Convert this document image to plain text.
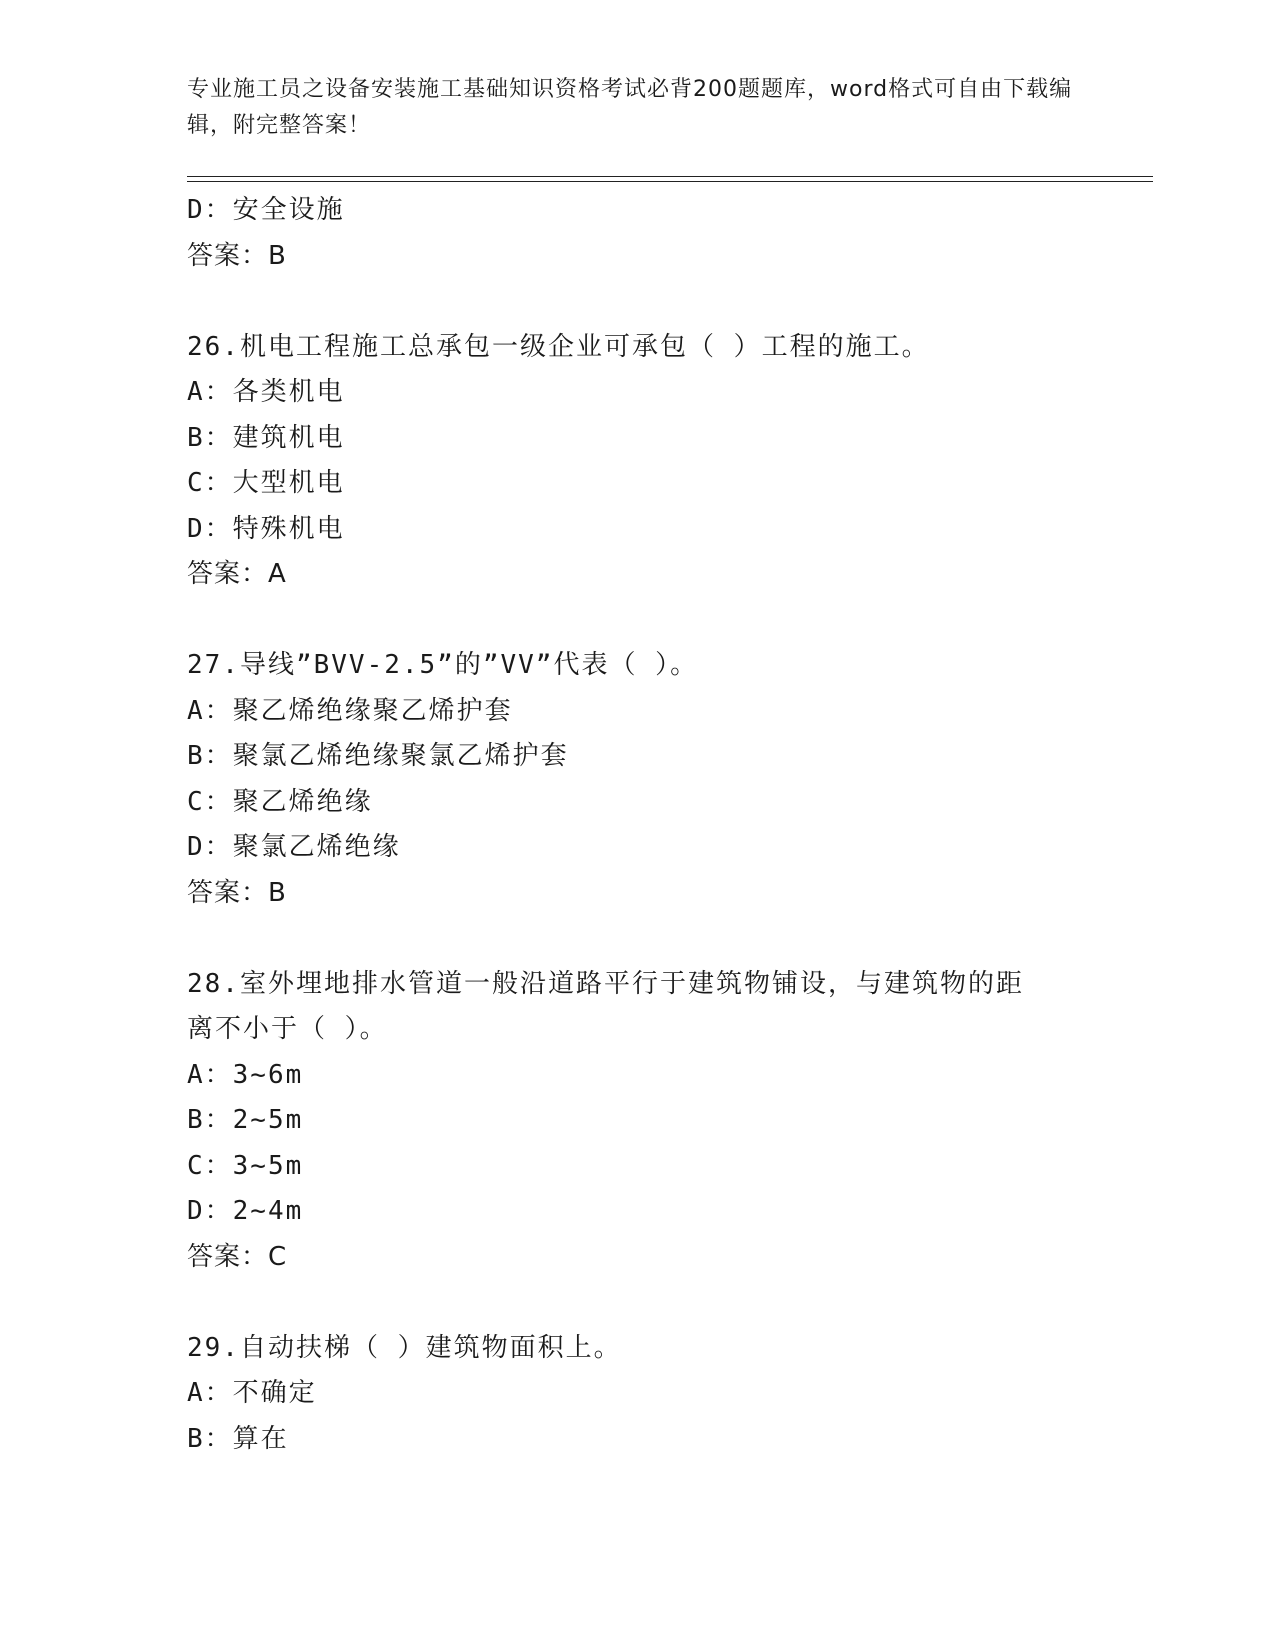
专业施工员之设备安装施工基础知识资格考试必背200题题库，word格式可自由下载编辑，附完整答案！
D：安全设施
答案：B
26.机电工程施工总承包一级企业可承包（ ）工程的施工。
A：各类机电
B：建筑机电
C：大型机电
D：特殊机电
答案：A
27.导线”BVV-2.5”的”VV”代表（ ）。
A：聚乙烯绝缘聚乙烯护套
B：聚氯乙烯绝缘聚氯乙烯护套
C：聚乙烯绝缘
D：聚氯乙烯绝缘
答案：B
28.室外埋地排水管道一般沿道路平行于建筑物铺设，与建筑物的距离不小于（ ）。
A：3~6m
B：2~5m
C：3~5m
D：2~4m
答案：C
29.自动扶梯（ ）建筑物面积上。
A：不确定
B：算在
